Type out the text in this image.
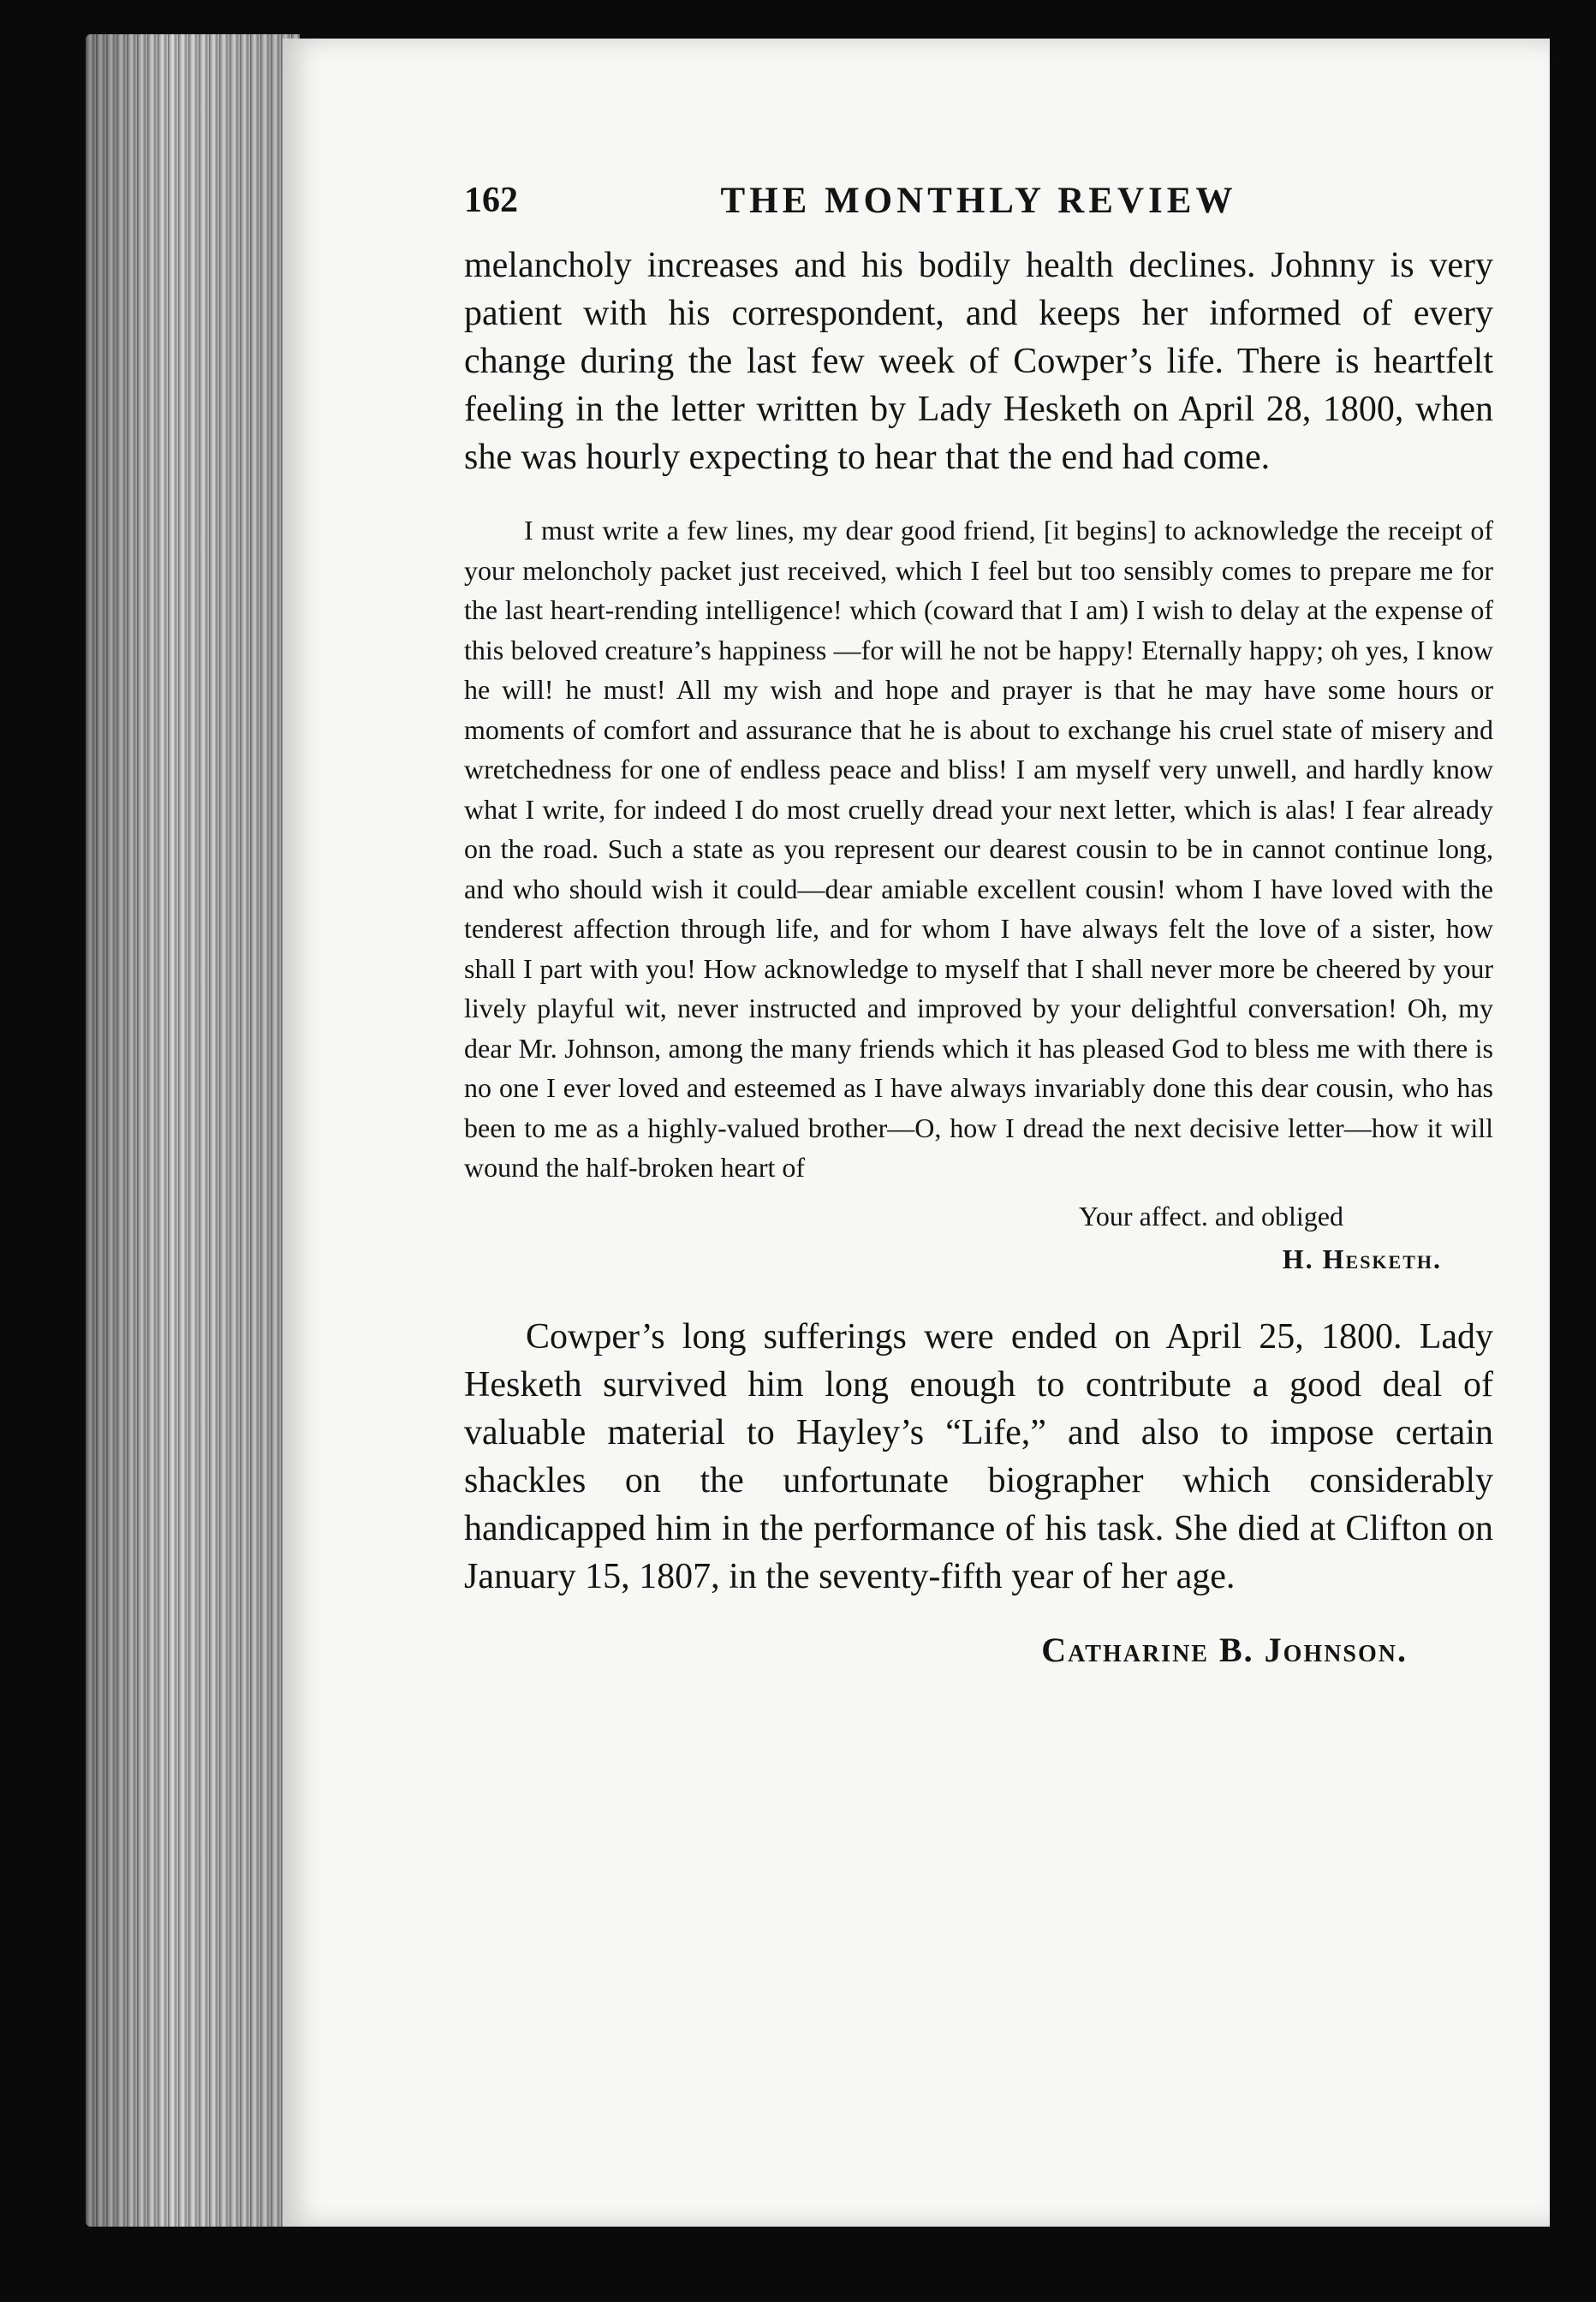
162	THE MONTHLY REVIEW

melancholy increases and his bodily health declines. Johnny is very patient with his correspondent, and keeps her informed of every change during the last few week of Cowper’s life. There is heartfelt feeling in the letter written by Lady Hesketh on April 28, 1800, when she was hourly expecting to hear that the end had come.

I must write a few lines, my dear good friend, [it begins] to acknowledge the receipt of your meloncholy packet just received, which I feel but too sensibly comes to prepare me for the last heart-rending intelligence! which (coward that I am) I wish to delay at the expense of this beloved creature’s happiness —for will he not be happy! Eternally happy; oh yes, I know he will! he must! All my wish and hope and prayer is that he may have some hours or moments of comfort and assurance that he is about to exchange his cruel state of misery and wretchedness for one of endless peace and bliss! I am myself very unwell, and hardly know what I write, for indeed I do most cruelly dread your next letter, which is alas! I fear already on the road. Such a state as you represent our dearest cousin to be in cannot continue long, and who should wish it could—dear amiable excellent cousin! whom I have loved with the tenderest affection through life, and for whom I have always felt the love of a sister, how shall I part with you! How acknowledge to myself that I shall never more be cheered by your lively playful wit, never instructed and improved by your delightful conversation! Oh, my dear Mr. Johnson, among the many friends which it has pleased God to bless me with there is no one I ever loved and esteemed as I have always invariably done this dear cousin, who has been to me as a highly-valued brother—O, how I dread the next decisive letter—how it will wound the half-broken heart of

Your affect. and obliged
H. Hesketh.

Cowper’s long sufferings were ended on April 25, 1800. Lady Hesketh survived him long enough to contribute a good deal of valuable material to Hayley’s “Life,” and also to impose certain shackles on the unfortunate biographer which considerably handicapped him in the performance of his task. She died at Clifton on January 15, 1807, in the seventy-fifth year of her age.

Catharine B. Johnson.
